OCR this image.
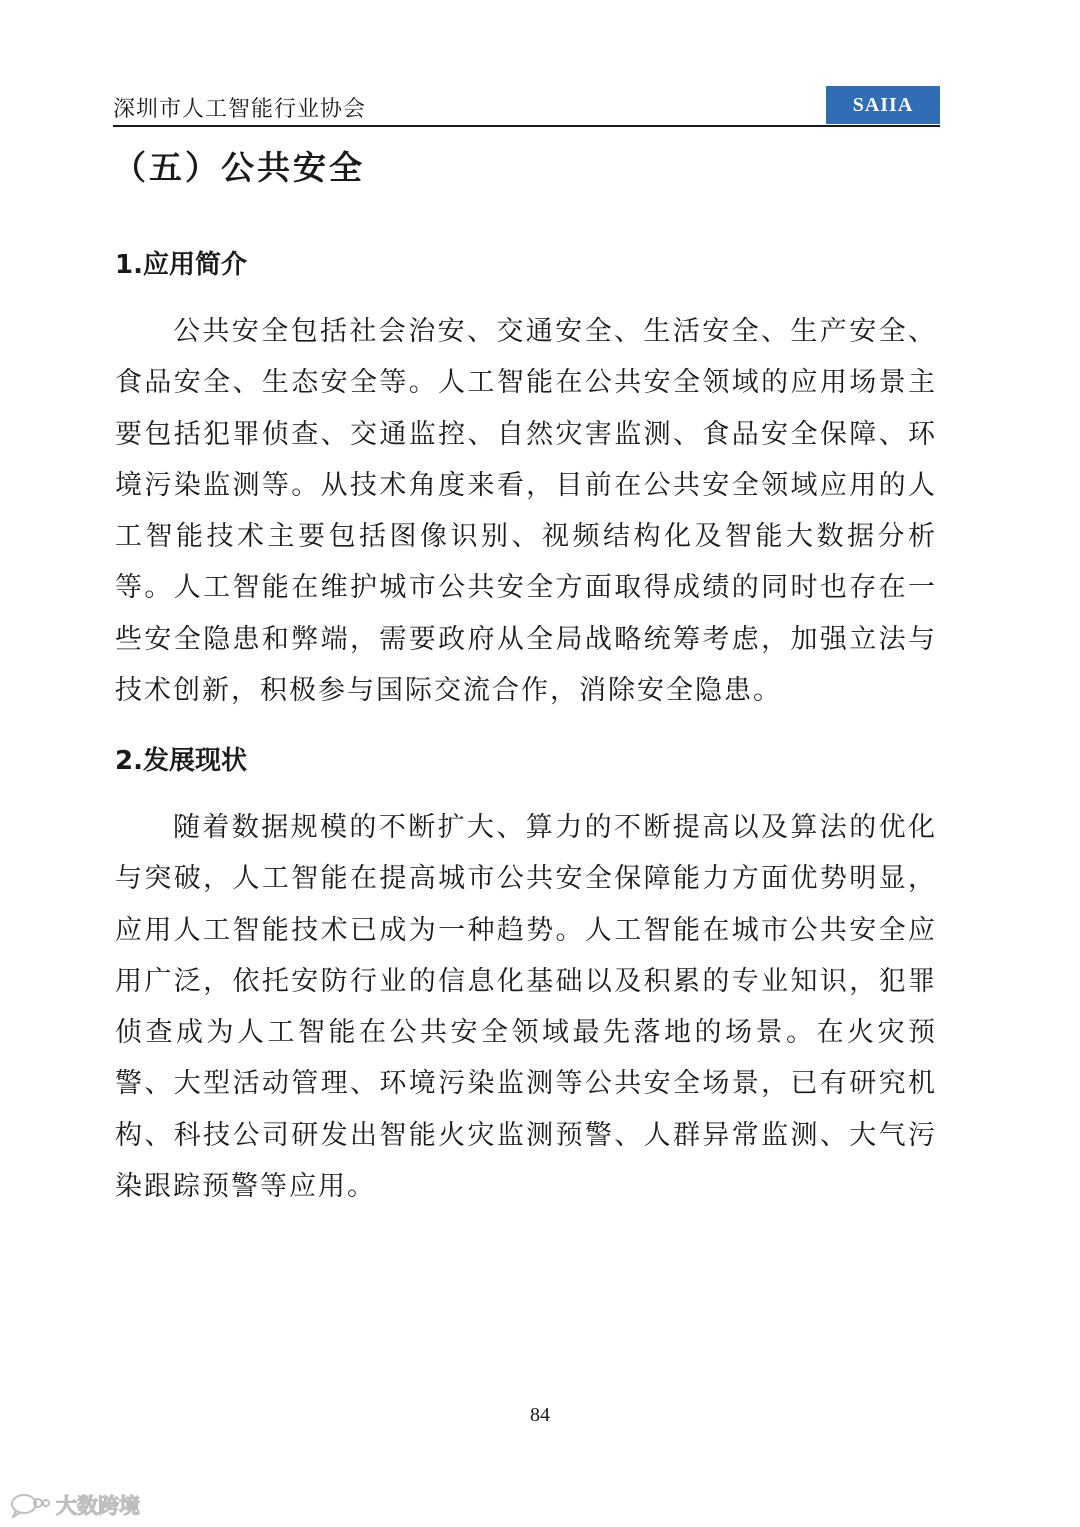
深圳市人工智能行业协会	SAIIA
（五）公共安全
1.应用简介

公共安全包括社会治安、交通安全、生活安全、生产安全、食品安全、生态安全等。人工智能在公共安全领域的应用场景主要包括犯罪侦查、交通监控、自然灾害监测、食品安全保障、环境污染监测等。从技术角度来看，目前在公共安全领域应用的人工智能技术主要包括图像识别、视频结构化及智能大数据分析等。人工智能在维护城市公共安全方面取得成绩的同时也存在一些安全隐患和弊端，需要政府从全局战略统筹考虑，加强立法与技术创新，积极参与国际交流合作，消除安全隐患。

2.发展现状

随着数据规模的不断扩大、算力的不断提高以及算法的优化与突破，人工智能在提高城市公共安全保障能力方面优势明显，应用人工智能技术已成为一种趋势。人工智能在城市公共安全应用广泛，依托安防行业的信息化基础以及积累的专业知识，犯罪侦查成为人工智能在公共安全领域最先落地的场景。在火灾预警、大型活动管理、环境污染监测等公共安全场景，已有研究机构、科技公司研发出智能火灾监测预警、人群异常监测、大气污染跟踪预警等应用。

84
大数跨境
